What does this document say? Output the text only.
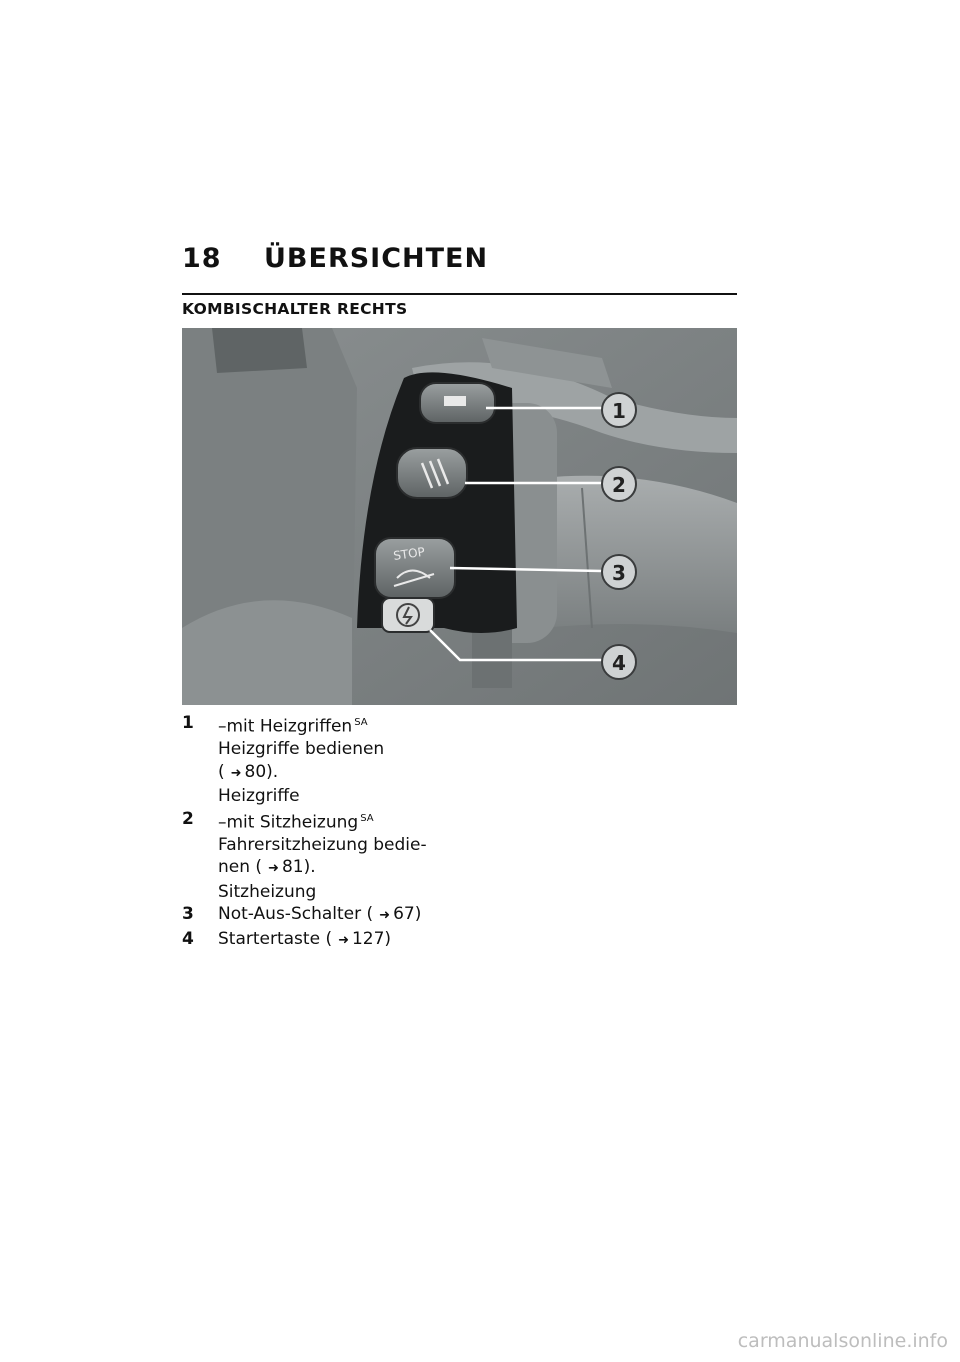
18 ÜBERSICHTEN
KOMBISCHALTER RECHTS
STOP
1
2
3
4
1	–mit Heizgriffen $^{SA}$
Heizgriffe bedienen
( ➜ 80).
Heizgriffe
2	–mit Sitzheizung $^{SA}$
Fahrersitzheizung bedie-
nen ( ➜ 81).
Sitzheizung
3	Not-Aus-Schalter ( ➜ 67)
4	Startertaste ( ➜ 127)
carmanualsonline.info
